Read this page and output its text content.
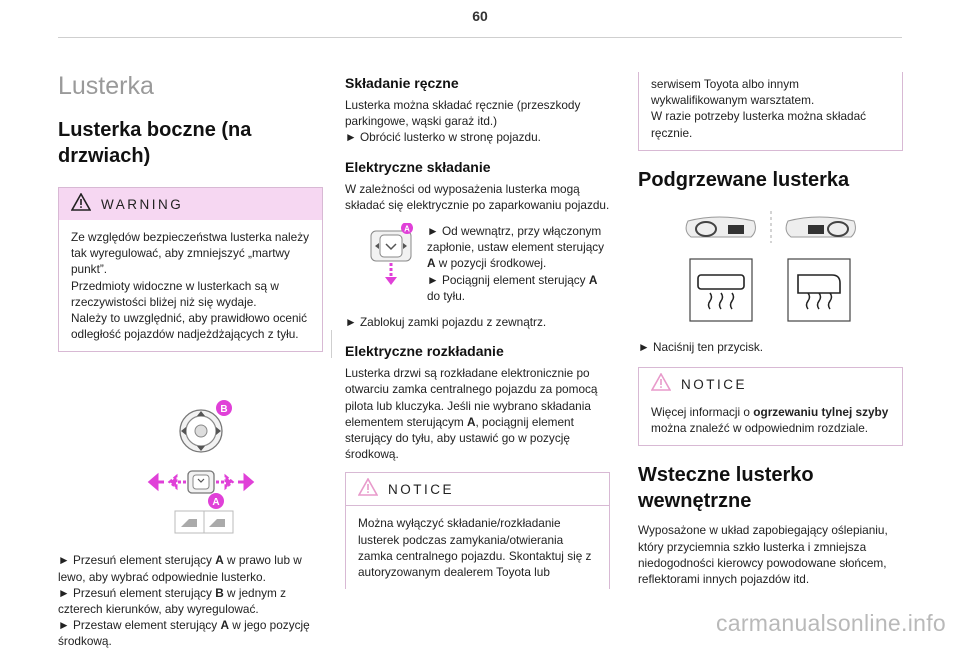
60
Lusterka
Lusterka boczne (na drzwiach)
WARNING

Ze względów bezpieczeństwa lusterka należy tak wyregulować, aby zmniejszyć „martwy punkt”.

Przedmioty widoczne w lusterkach są w rzeczywistości bliżej niż się wydaje.

Należy to uwzględnić, aby prawidłowo ocenić odległość pojazdów nadjeżdżających z tyłu.

B
A

► Przesuń element sterujący A w prawo lub w lewo, aby wybrać odpowiednie lusterko.

► Przesuń element sterujący B w jednym z czterech kierunków, aby wyregulować.

► Przestaw element sterujący A w jego pozycję środkową.

Składanie ręczne

Lusterka można składać ręcznie (przeszkody parkingowe, wąski garaż itd.)

► Obrócić lusterko w stronę pojazdu.

Elektryczne składanie

W zależności od wyposażenia lusterka mogą składać się elektrycznie po zaparkowaniu pojazdu.

A ► Od wewnątrz, przy włączonym zapłonie, ustaw element sterujący A w pozycji środkowej.

► Pociągnij element sterujący A do tyłu.

► Zablokuj zamki pojazdu z zewnątrz.

Elektryczne rozkładanie

Lusterka drzwi są rozkładane elektronicznie po otwarciu zamka centralnego pojazdu za pomocą pilota lub kluczyka. Jeśli nie wybrano składania elementem sterującym A, pociągnij element sterujący do tyłu, aby ustawić go w pozycję środkową.

NOTICE

Można wyłączyć składanie/rozkładanie lusterek podczas zamykania/otwierania zamka centralnego pojazdu. Skontaktuj się z autoryzowanym dealerem Toyota lub

serwisem Toyota albo innym wykwalifikowanym warsztatem.

W razie potrzeby lusterka można składać ręcznie.

Podgrzewane lusterka

► Naciśnij ten przycisk.

NOTICE

Więcej informacji o ogrzewaniu tylnej szyby można znaleźć w odpowiednim rozdziale.

Wsteczne lusterko wewnętrzne

Wyposażone w układ zapobiegający oślepianiu, który przyciemnia szkło lusterka i zmniejsza niedogodności kierowcy powodowane słońcem, reflektorami innych pojazdów itd.

carmanualsonline.info
